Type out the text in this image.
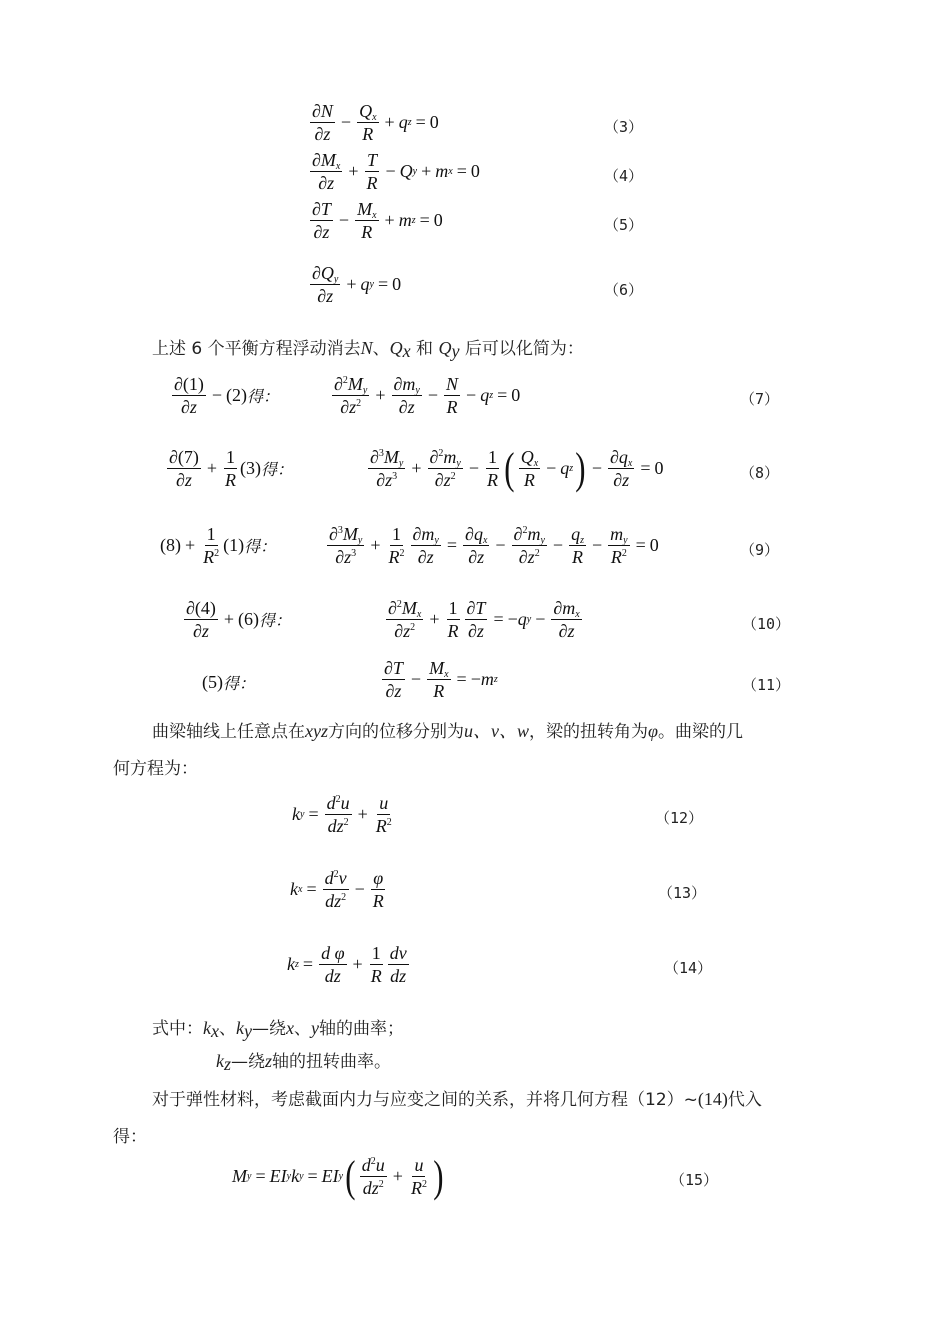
$\frac{\partial N}{\partial z} - \frac{Q_x}{R} + q$ z = 0	（3）
$\frac{\partial M_x}{\partial z} + \frac{T}{R} - Q$ y + m x = 0	（4）
$\frac{\partial T}{\partial z} - \frac{M_x}{R} + m$ z = 0	（5）
$\frac{\partial Q_y}{\partial z} + q$ y = 0	（6）
上述 6 个平衡方程浮动消去N、$Q_x$ 和 $Q_y$ 后可以化简为：
$\frac{\partial(1)}{\partial z} - (2)$ 得：	$\frac{\partial^2M_y}{\partial z^2} + \frac{\partial m_y}{\partial z} - \frac{N}{R} - q$ z = 0	（7）
$\frac{\partial(7)}{\partial z} + \frac{1}{R} (3)$ 得：	$\frac{\partial^3M_y}{\partial z^3} + \frac{\partial^2m_y}{\partial z^2} - \frac{1}{R}$ ( $\frac{Q_x}{R} - q$ z ) − $\frac{\partial q_x}{\partial z} = 0$	（8）
$(8) + \frac{1}{R^2} (1)$ 得：	$\frac{\partial^3M_y}{\partial z^3} + \frac{1}{R^2} \frac{\partial m_y}{\partial z} = \frac{\partial q_x}{\partial z} - \frac{\partial^2m_y}{\partial z^2} - \frac{q_z}{R} - \frac{m_y}{R^2} = 0$	（9）
$\frac{\partial(4)}{\partial z} + (6)$ 得：	$\frac{\partial^2M_x}{\partial z^2} + \frac{1}{R} \frac{\partial T}{\partial z}$ = − q $y - \frac{\partial m_x}{\partial z}$	（10）
(5) 得：	$\frac{\partial T}{\partial z} - \frac{M_x}{R}$ = − m z	（11）
曲梁轴线上任意点在xyz方向的位移分别为u、v、w，梁的扭转角为φ。曲梁的几
何方程为：
k $y = \frac{d^2u}{dz^2} + \frac{u}{R^2}$	（12）
k $x = \frac{d^2v}{dz^2} - \frac{\varphi}{R}$	（13）
k $z = \frac{\text{d φ}}{dz} + \frac{1}{R} \frac{dv}{dz}$	（14）
式中：$k_x$、$k_y—$绕x、y轴的曲率；
$k_z—$绕z轴的扭转曲率。
对于弹性材料，考虑截面内力与应变之间的关系，并将几何方程（12）~(14)代入
得：
M y = EI y k y = EI y ( $\frac{d^2u}{dz^2} + \frac{u}{R^2}$ )	（15）
